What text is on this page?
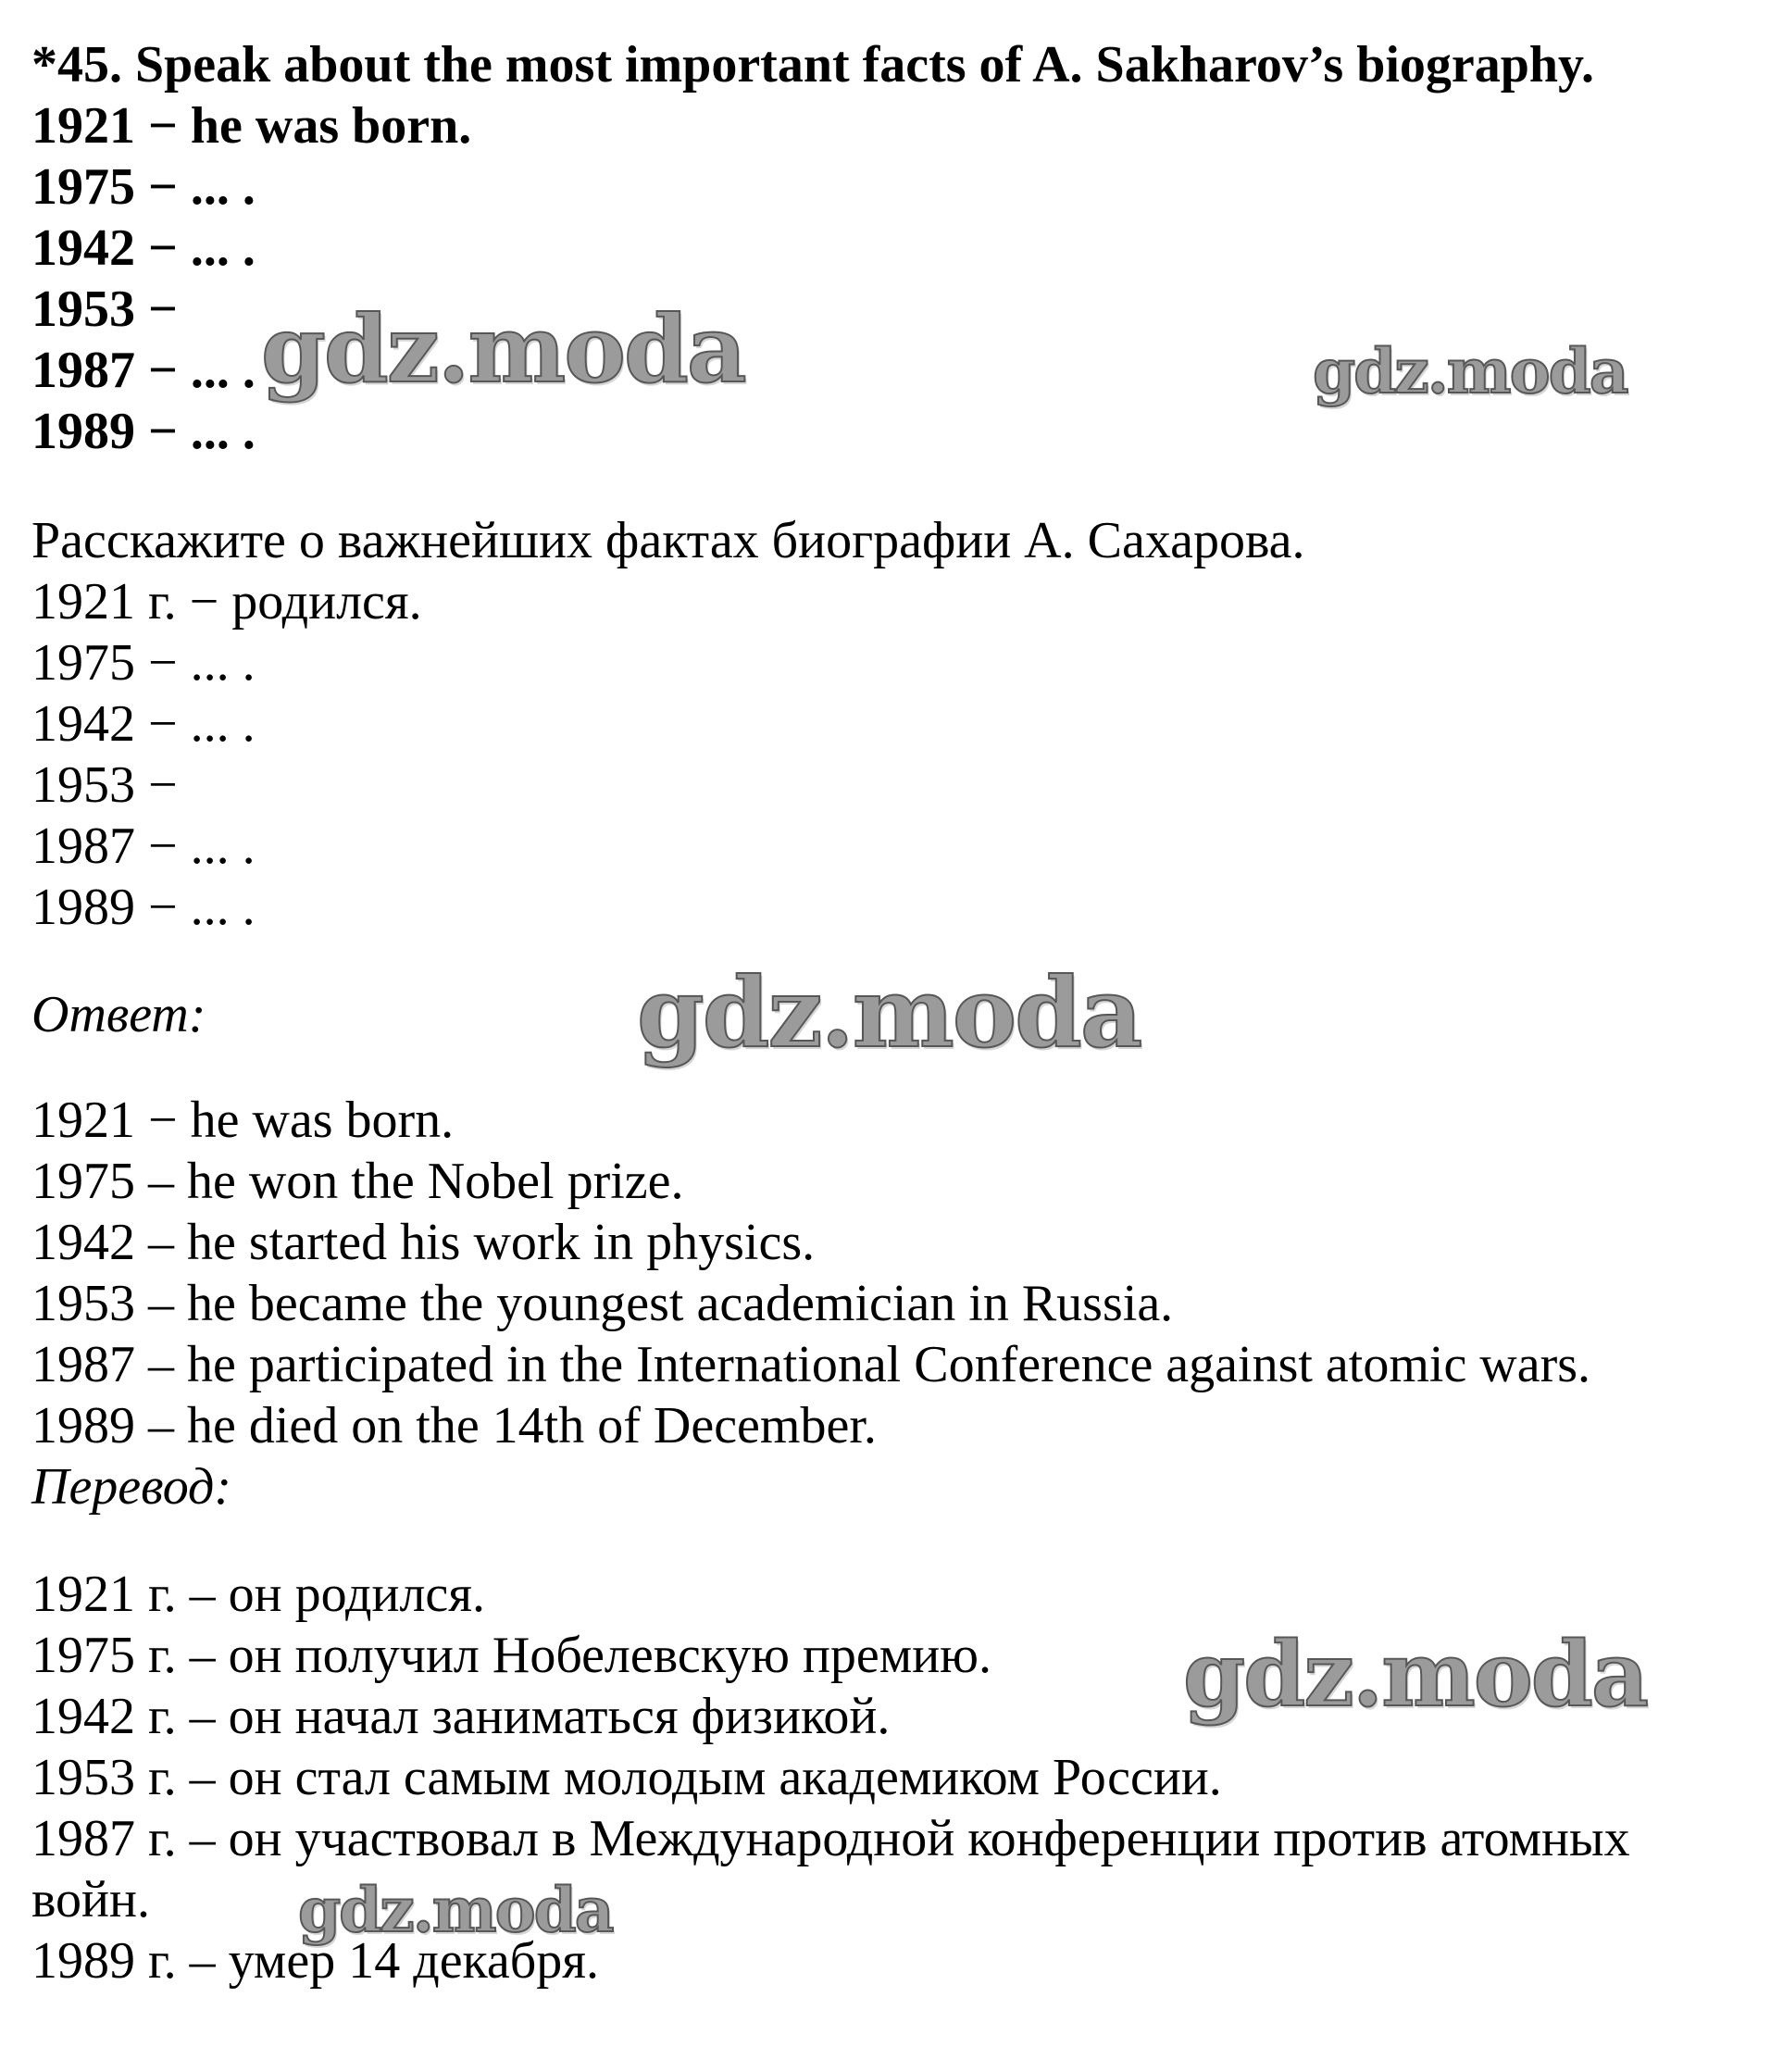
*45. Speak about the most important facts of A. Sakharov’s biography.
1921 − he was born.
1975 − ... .
1942 − ... .
1953 −
1987 − ... .
1989 − ... .
Расскажите о важнейших фактах биографии А. Сахарова.
1921 г. − родился.
1975 − ... .
1942 − ... .
1953 −
1987 − ... .
1989 − ... .
Ответ:
1921 − he was born.
1975 – he won the Nobel prize.
1942 – he started his work in physics.
1953 – he became the youngest academician in Russia.
1987 – he participated in the International Conference against atomic wars.
1989 – he died on the 14th of December.
Перевод:
1921 г. – он родился.
1975 г. – он получил Нобелевскую премию.
1942 г. – он начал заниматься физикой.
1953 г. – он стал самым молодым академиком России.
1987 г. – он участвовал в Международной конференции против атомных
войн.
1989 г. – умер 14 декабря.
gdz.moda	gdz.moda
gdz.moda
gdz.moda
gdz.moda
